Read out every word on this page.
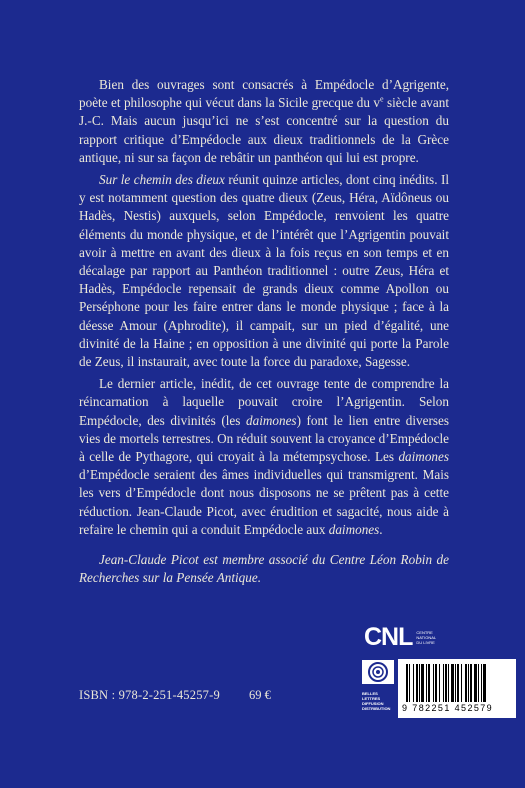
Bien des ouvrages sont consacrés à Empédocle d’Agrigente, poète et philosophe qui vécut dans la Sicile grecque du $v^e$ siècle avant J.-C. Mais aucun jusqu’ici ne s’est concentré sur la question du rapport critique d’Empédocle aux dieux traditionnels de la Grèce antique, ni sur sa façon de rebâtir un panthéon qui lui est propre.

Sur le chemin des dieux réunit quinze articles, dont cinq inédits. Il y est notamment question des quatre dieux (Zeus, Héra, Aïdôneus ou Hadès, Nestis) auxquels, selon Empédocle, renvoient les quatre éléments du monde physique, et de l’intérêt que l’Agrigentin pouvait avoir à mettre en avant des dieux à la fois reçus en son temps et en décalage par rapport au Panthéon traditionnel : outre Zeus, Héra et Hadès, Empédocle repensait de grands dieux comme Apollon ou Perséphone pour les faire entrer dans le monde physique ; face à la déesse Amour (Aphrodite), il campait, sur un pied d’égalité, une divinité de la Haine ; en opposition à une divinité qui porte la Parole de Zeus, il instaurait, avec toute la force du paradoxe, Sagesse.

Le dernier article, inédit, de cet ouvrage tente de comprendre la réincarnation à laquelle pouvait croire l’Agrigentin. Selon Empédocle, des divinités (les daimones) font le lien entre diverses vies de mortels terrestres. On réduit souvent la croyance d’Empédocle à celle de Pythagore, qui croyait à la métempsychose. Les daimones d’Empédocle seraient des âmes individuelles qui transmigrent. Mais les vers d’Empédocle dont nous disposons ne se prêtent pas à cette réduction. Jean-Claude Picot, avec érudition et sagacité, nous aide à refaire le chemin qui a conduit Empédocle aux daimones.

Jean-Claude Picot est membre associé du Centre Léon Robin de Recherches sur la Pensée Antique.

CNL CENTRE
NATIONAL
DU LIVRE
ISBN : 978-2-251-45257-9 69 €	BELLES LETTRES
DIFFUSION
DISTRIBUTION	9 782251 452579
